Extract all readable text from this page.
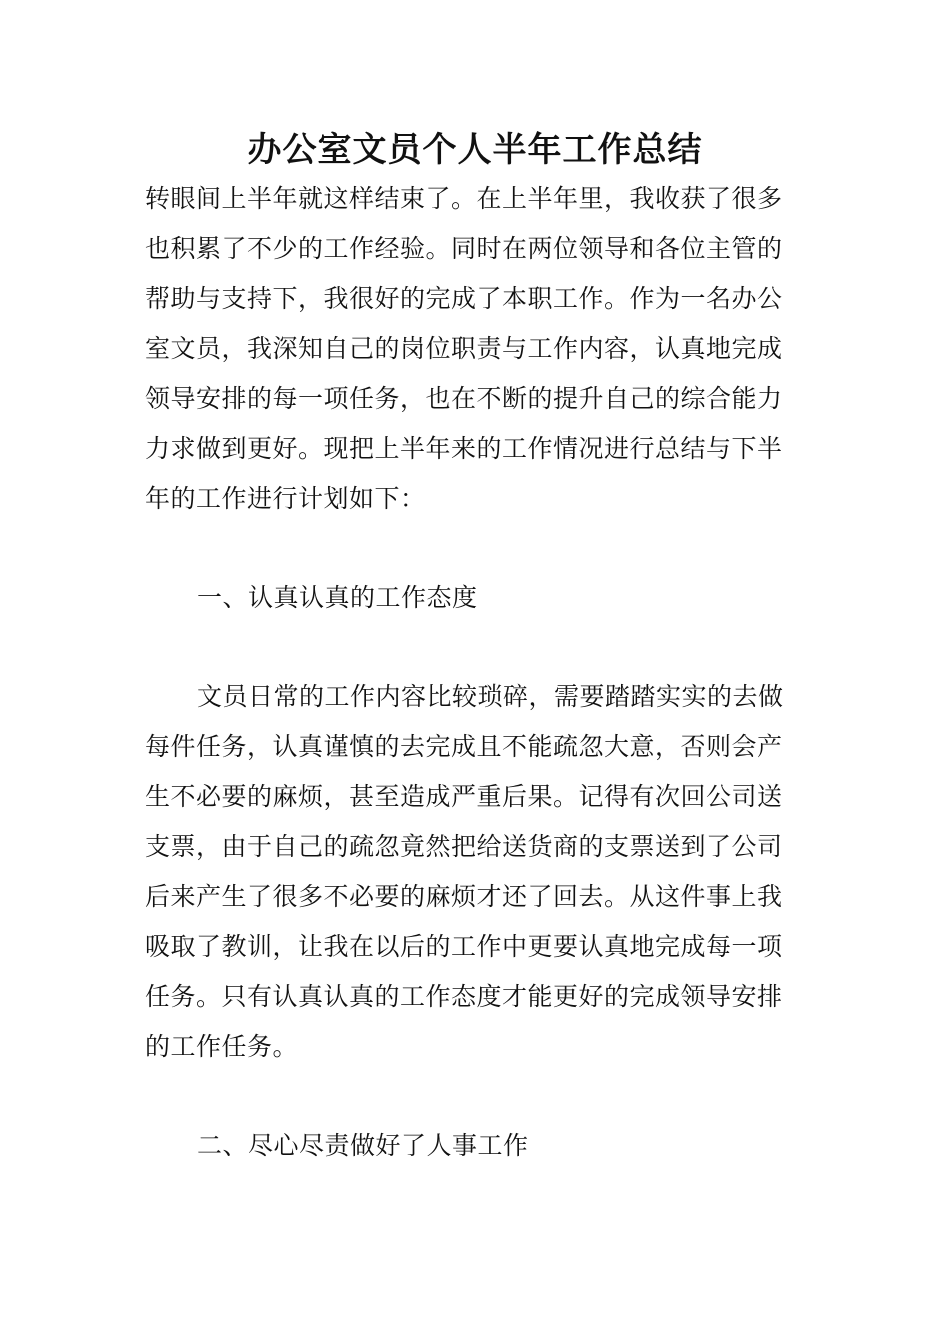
办公室文员个人半年工作总结
转眼间上半年就这样结束了。在上半年里，我收获了很多
也积累了不少的工作经验。同时在两位领导和各位主管的
帮助与支持下，我很好的完成了本职工作。作为一名办公
室文员，我深知自己的岗位职责与工作内容，认真地完成
领导安排的每一项任务，也在不断的提升自己的综合能力
力求做到更好。现把上半年来的工作情况进行总结与下半
年的工作进行计划如下：
一、认真认真的工作态度
文员日常的工作内容比较琐碎，需要踏踏实实的去做
每件任务，认真谨慎的去完成且不能疏忽大意，否则会产
生不必要的麻烦，甚至造成严重后果。记得有次回公司送
支票，由于自己的疏忽竟然把给送货商的支票送到了公司
后来产生了很多不必要的麻烦才还了回去。从这件事上我
吸取了教训，让我在以后的工作中更要认真地完成每一项
任务。只有认真认真的工作态度才能更好的完成领导安排
的工作任务。
二、尽心尽责做好了人事工作
